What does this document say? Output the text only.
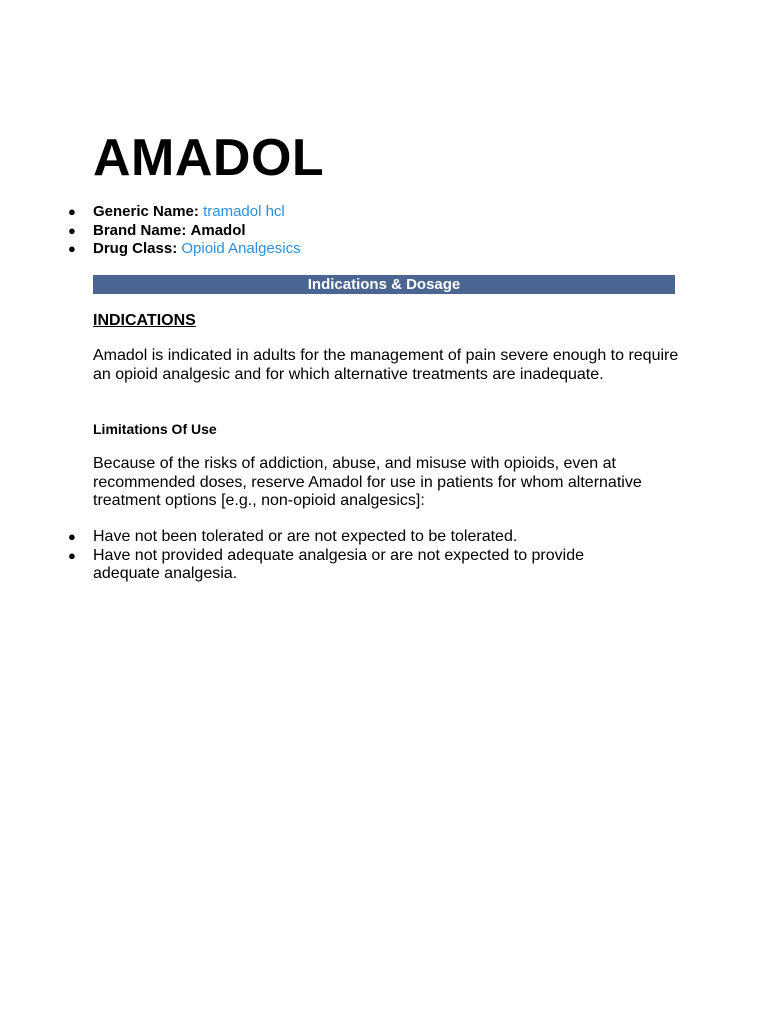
AMADOL
● Generic Name: tramadol hcl
● Brand Name: Amadol
● Drug Class: Opioid Analgesics
Indications & Dosage
INDICATIONS

Amadol is indicated in adults for the management of pain severe enough to require an opioid analgesic and for which alternative treatments are inadequate.

Limitations Of Use

Because of the risks of addiction, abuse, and misuse with opioids, even at recommended doses, reserve Amadol for use in patients for whom alternative treatment options [e.g., non-opioid analgesics]:

● Have not been tolerated or are not expected to be tolerated.
● Have not provided adequate analgesia or are not expected to provide adequate analgesia.
